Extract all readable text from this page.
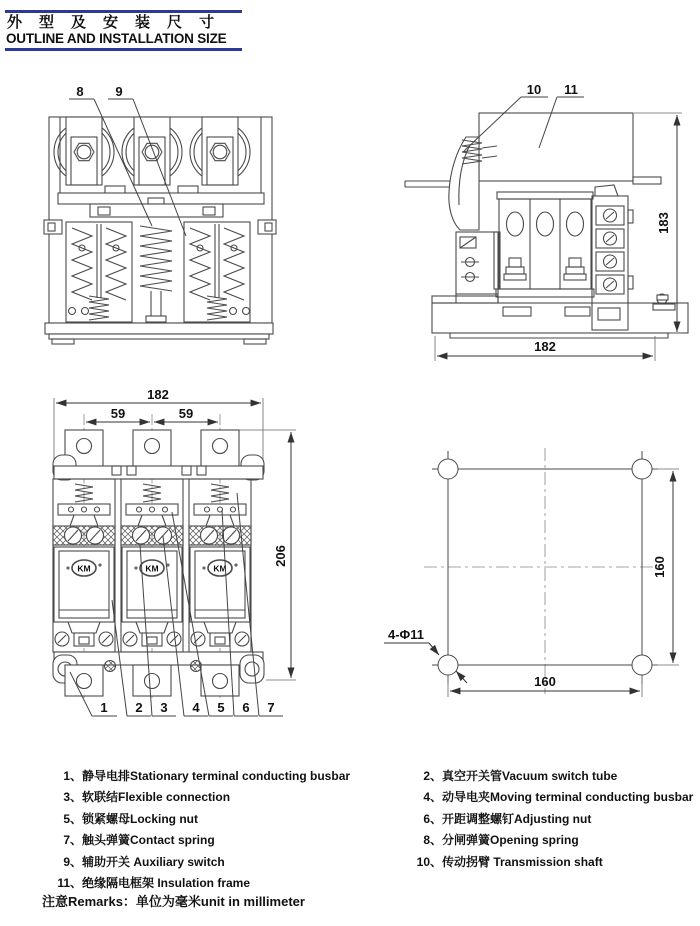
8 9	10 11
183
182
182
59	59
206
KM	KM	KM
1 2 3 4 5 6 7
160
160
4-Φ11
外型及安装尺寸
OUTLINE AND INSTALLATION SIZE
1、静导电排Stationary terminal conducting busbar
3、软联结Flexible connection
5、锁紧螺母Locking nut
7、触头弹簧Contact spring
9、辅助开关 Auxiliary switch
11、绝缘隔电框架 Insulation frame
2、真空开关管Vacuum switch tube
4、动导电夹Moving terminal conducting busbar
6、开距调整螺钉Adjusting nut
8、分闸弹簧Opening spring
10、传动拐臂 Transmission shaft
注意Remarks：单位为毫米unit in millimeter
